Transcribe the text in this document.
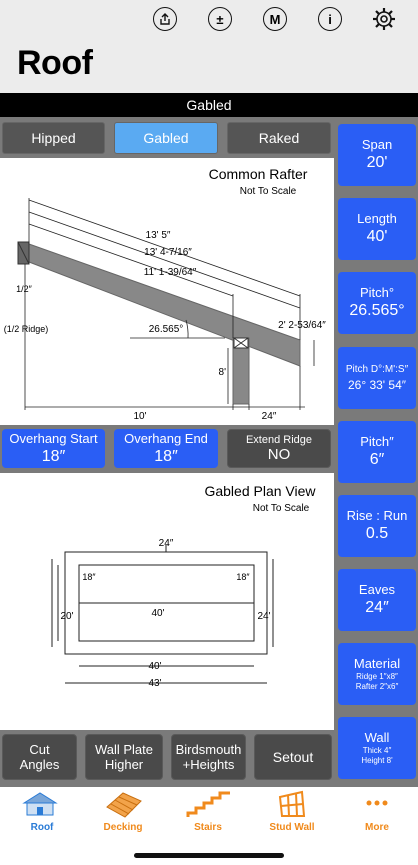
±	M	i
Roof
Gabled
Hipped	Gabled	Raked
Common Rafter
Not To Scale
13' 5″
13' 4-7/16″
11' 1-39/64″
1/2″
(1/2 Ridge)	26.565°	2' 2-53/64″
8'
10'	24″
Overhang Start
18″
Overhang End
18″
Extend Ridge
NO
Gabled Plan View
Not To Scale
24″
18″	18″
40'
20'	24'
40'
43'
Span
20'
Length
40'
Pitch°
26.565°
Pitch D°:M':S″
26° 33' 54″
Pitch″
6″
Rise : Run
0.5
Eaves
24″
Material
Ridge 1″x8″
Rafter 2″x6″
Wall
Thick 4″
Height 8'
Cut
Angles
Wall Plate
Higher
Birdsmouth
+Heights	Setout
Roof	Decking	Stairs	Stud Wall	More
